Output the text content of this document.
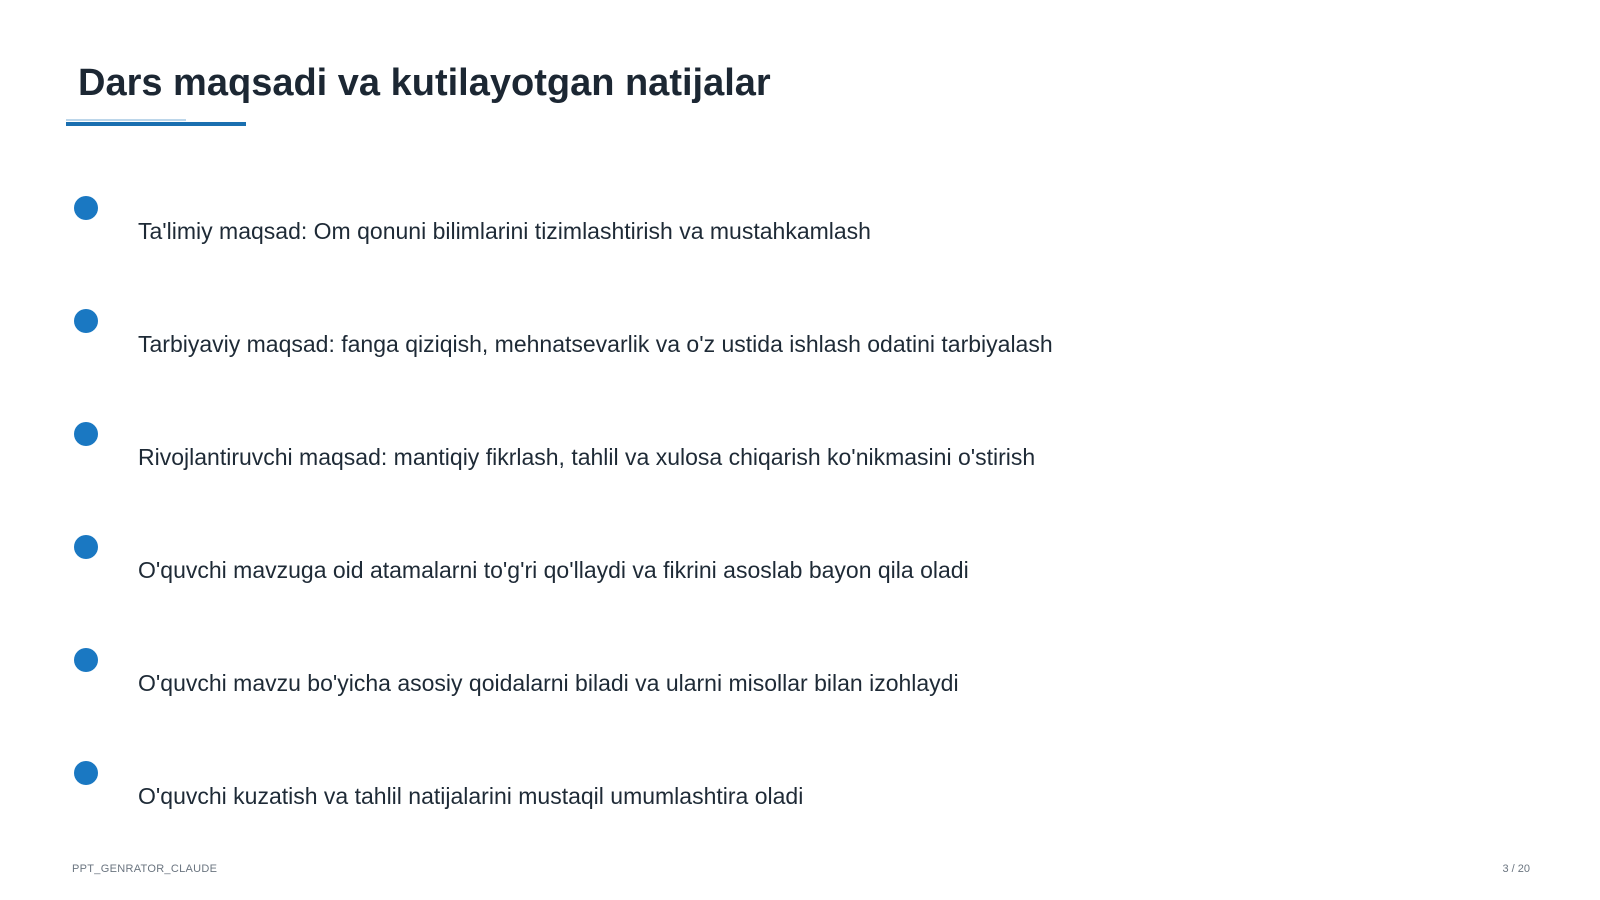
Dars maqsadi va kutilayotgan natijalar
Ta'limiy maqsad: Om qonuni bilimlarini tizimlashtirish va mustahkamlash
Tarbiyaviy maqsad: fanga qiziqish, mehnatsevarlik va o'z ustida ishlash odatini tarbiyalash
Rivojlantiruvchi maqsad: mantiqiy fikrlash, tahlil va xulosa chiqarish ko'nikmasini o'stirish
O'quvchi mavzuga oid atamalarni to'g'ri qo'llaydi va fikrini asoslab bayon qila oladi
O'quvchi mavzu bo'yicha asosiy qoidalarni biladi va ularni misollar bilan izohlaydi
O'quvchi kuzatish va tahlil natijalarini mustaqil umumlashtira oladi
PPT_GENRATOR_CLAUDE	3 / 20
